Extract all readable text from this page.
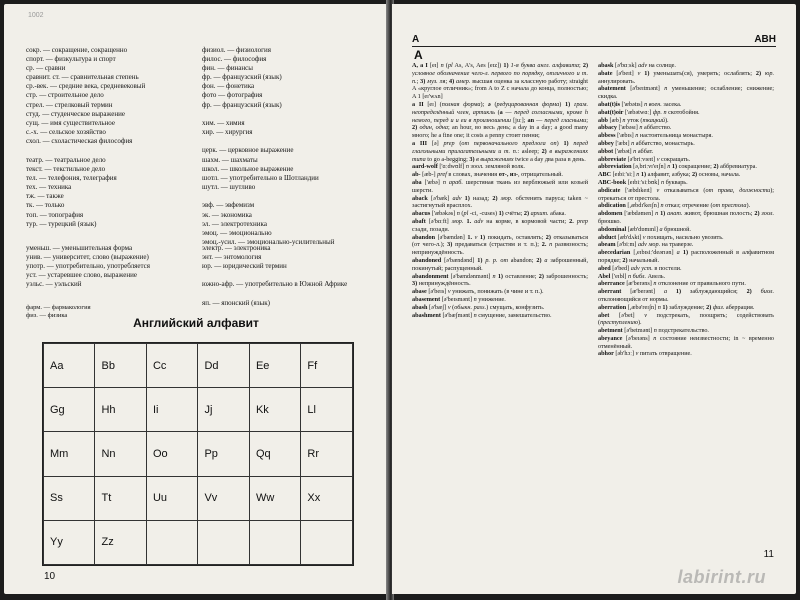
1002
сокр. — сокращение, сокращенно
спорт. — физкультура и спорт
ср. — сравни
сравнит. ст. — сравнительная степень
ср.-век. — средние века, средневековый
стр. — строительное дело
стрел. — стрелковый термин
студ. — студенческое выражение
сущ. — имя существительное
с.-х. — сельское хозяйство
схол. — схоластическая философия
физиол. — физиология
филос. — философия
фин. — финансы
фр. — французский (язык)
фон. — фонетика
фото — фотография
фр. — французский (язык)

хим. — химия
хир. — хирургия

церк. — церковное выражение
театр. — театральное дело
текст. — текстильное дело
тел. — телефония, телеграфия
тех. — техника
тж. — также
тк. — только
топ. — топография
тур. — турецкий (язык)
шахм. — шахматы
школ. — школьное выражение
шотл. — употребительно в Шотландии
шутл. — шутливо

эвф. — эвфемизм
эк. — экономика
эл. — электротехника
эмоц. — эмоционально
эмоц.-усил. — эмоционально-усилительный
уменьш. — уменьшительная форма
унив. — университет, слово (выражение)
употр. — употребительно, употребляется
уст. — устаревшее слово, выражение
уэльс. — уэльский
электр. — электроника
энт. — энтомология
юр. — юридический термин

южно-афр. — употребительно в Южной Африке

яп. — японский (язык)
фарм. — фармакология
физ. — физика
Английский алфавит
Aa	Bb	Cc	Dd	Ee	Ff
Gg	Hh	Ii	Jj	Kk	Ll
Mm	Nn	Oo	Pp	Qq	Rr
Ss	Tt	Uu	Vv	Ww	Xx
Yy	Zz				
10
A	ABH
A

A, a I [eɪ] n (pl As, A's, Aes [eɪz]) 1) 1-я буква англ. алфавита; 2) условное обозначение чего-л. первого по порядку, отличного и т. п.; 3) муз. ля; 4) амер. высшая оценка за классную работу; straight A «круглое отличник»; from A to Z с начала до конца, полностью; A 1 [eɪ'wʌn]

a II [eɪ] (полная форма); ə (редуцированная форма) 1) грам. неопределённый член, артикль (a — перед согласными, кроме h немого, перед u и eu в произношении [juː]; an — перед гласными; 2) один, одна; an hour, во весь день; a day in a day; a good many много; he a fine one; it costs a penny стоит пенни;

a III [ə] prep (от первоначального предлога on) 1) перед глагольными прилагательными и т. п.: asleep; 2) в выражениях типа to go a-begging; 3) в выражениях twice a day два раза в день.

aard-wolf ['ɑːdwʊlf] n зоол. земляной волк.

ab- [æb-] pref в словах, значения от-, из-, отрицательный.

aba ['æbə] n араб. шерстяная ткань из верблюжьей или козьей шерсти.

aback [ə'bæk] adv 1) назад; 2) мор. обстенить паруса; taken ~ застигнутый врасплох.

abacus ['æbəkəs] n (pl -ci, -cuses) 1) счёты; 2) архит. абака.

abaft [ə'bɑːft] мор. 1. adv на корме, в кормовой части; 2. prep сзади, позади.

abandon [ə'bændən] 1. v 1) покидать, оставлять; 2) отказываться (от чего-л.); 3) предаваться (страстям и т. п.); 2. n развязность; непринуждённость.

abandoned [ə'bændənd] 1) p. p. от abandon; 2) a заброшенный, покинутый; распущенный.

abandonment [ə'bændənmənt] n 1) оставление; 2) заброшенность; 3) непринуждённость.

abase [ə'beɪs] v унижать, понижать (в чине и т. п.).

abasement [ə'beɪsmənt] n унижение.

abash [ə'bæʃ] v (обыкн. pass.) смущать, конфузить.

abashment [ə'bæʃmənt] n смущение, замешательство.

abask [ə'bɑːsk] adv на солнце.

abate [ə'beɪt] v 1) уменьшать(ся), умерять; ослаблять; 2) юр. аннулировать.

abatement [ə'beɪtmənt] n уменьшение; ослабление; снижение; скидка.

abat(t)is ['æbətɪs] n воен. засека.

abat(t)oir ['æbətwɑː] фр. n скотобойня.

abb [æb] n уток (ткацкий).

abbacy ['æbəsɪ] n аббатство.

abbess ['æbɪs] n настоятельница монастыря.

abbey ['æbɪ] n аббатство, монастырь.

abbot ['æbət] n аббат.

abbreviate [ə'briːvɪeɪt] v сокращать.

abbreviation [ə,briːvɪ'eɪʃn] n 1) сокращение; 2) аббревиатура.

ABC [eɪbiː'siː] n 1) алфавит, азбука; 2) основы, начала.

ABC-book [eɪbiː'siːbʊk] n букварь.

abdicate ['æbdɪkeɪt] v отказываться (от права, должности); отрекаться от престола.

abdication [,æbdɪ'keɪʃn] n отказ; отречение (от престола).

abdomen ['æbdəmen] n 1) анат. живот, брюшная полость; 2) зоол. брюшко.

abdominal [æb'dɒmɪnl] a брюшной.

abduct [æb'dʌkt] v похищать, насильно увозить.

abeam [ə'biːm] adv мор. на траверзе.

abecedarian [,eɪbɪsiː'deərɪən] a 1) расположенный в алфавитном порядке; 2) начальный.

abed [ə'bed] adv уст. в постели.

Abel ['eɪbl] n библ. Авель.

aberrance [æ'berəns] n отклонение от правильного пути.

aberrant [æ'berənt] a 1) заблуждающийся; 2) биол. отклоняющийся от нормы.

aberration [,æbə'reɪʃn] n 1) заблуждение; 2) физ. аберрация.

abet [ə'bet] v подстрекать, поощрять; содействовать (преступлению).

abetment [ə'betmənt] n подстрекательство.

abeyance [ə'beɪəns] n состояние неизвестности; in ~ временно отменённый.

abhor [əb'hɔː] v питать отвращение.

11
labirint.ru
